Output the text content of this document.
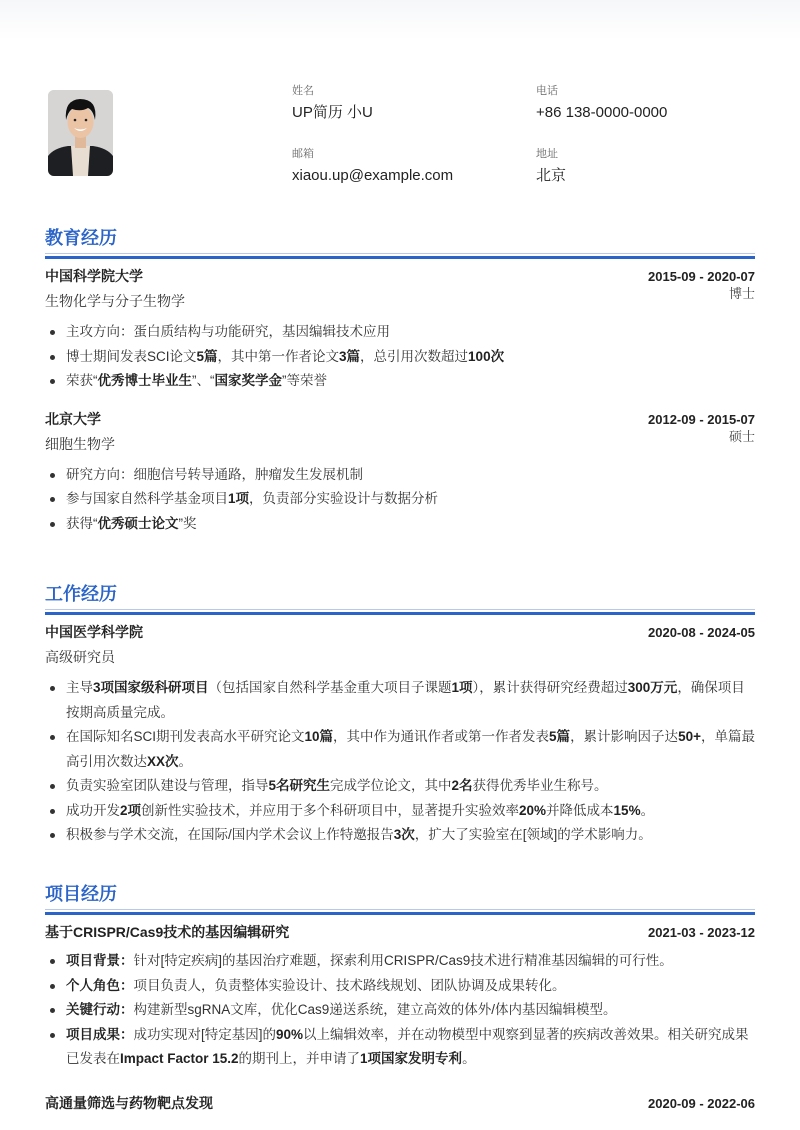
姓名
UP简历 小U
电话
+86 138-0000-0000
邮箱
xiaou.up@example.com
地址
北京
教育经历
中国科学院大学	2015-09 - 2020-07
生物化学与分子生物学	博士
主攻方向：蛋白质结构与功能研究，基因编辑技术应用
博士期间发表SCI论文5篇，其中第一作者论文3篇，总引用次数超过100次
荣获“优秀博士毕业生”、“国家奖学金”等荣誉
北京大学	2012-09 - 2015-07
细胞生物学	硕士
研究方向：细胞信号转导通路，肿瘤发生发展机制
参与国家自然科学基金项目1项，负责部分实验设计与数据分析
获得“优秀硕士论文”奖
工作经历
中国医学科学院	2020-08 - 2024-05
高级研究员
主导3项国家级科研项目（包括国家自然科学基金重大项目子课题1项），累计获得研究经费超过300万元，确保项目按期高质量完成。
在国际知名SCI期刊发表高水平研究论文10篇，其中作为通讯作者或第一作者发表5篇，累计影响因子达50+，单篇最高引用次数达XX次。
负责实验室团队建设与管理，指导5名研究生完成学位论文，其中2名获得优秀毕业生称号。
成功开发2项创新性实验技术，并应用于多个科研项目中，显著提升实验效率20%并降低成本15%。
积极参与学术交流，在国际/国内学术会议上作特邀报告3次，扩大了实验室在[领域]的学术影响力。
项目经历
基于CRISPR/Cas9技术的基因编辑研究	2021-03 - 2023-12
项目背景：针对[特定疾病]的基因治疗难题，探索利用CRISPR/Cas9技术进行精准基因编辑的可行性。
个人角色：项目负责人，负责整体实验设计、技术路线规划、团队协调及成果转化。
关键行动：构建新型sgRNA文库，优化Cas9递送系统，建立高效的体外/体内基因编辑模型。
项目成果：成功实现对[特定基因]的90%以上编辑效率，并在动物模型中观察到显著的疾病改善效果。相关研究成果已发表在Impact Factor 15.2的期刊上，并申请了1项国家发明专利。
高通量筛选与药物靶点发现	2020-09 - 2022-06
